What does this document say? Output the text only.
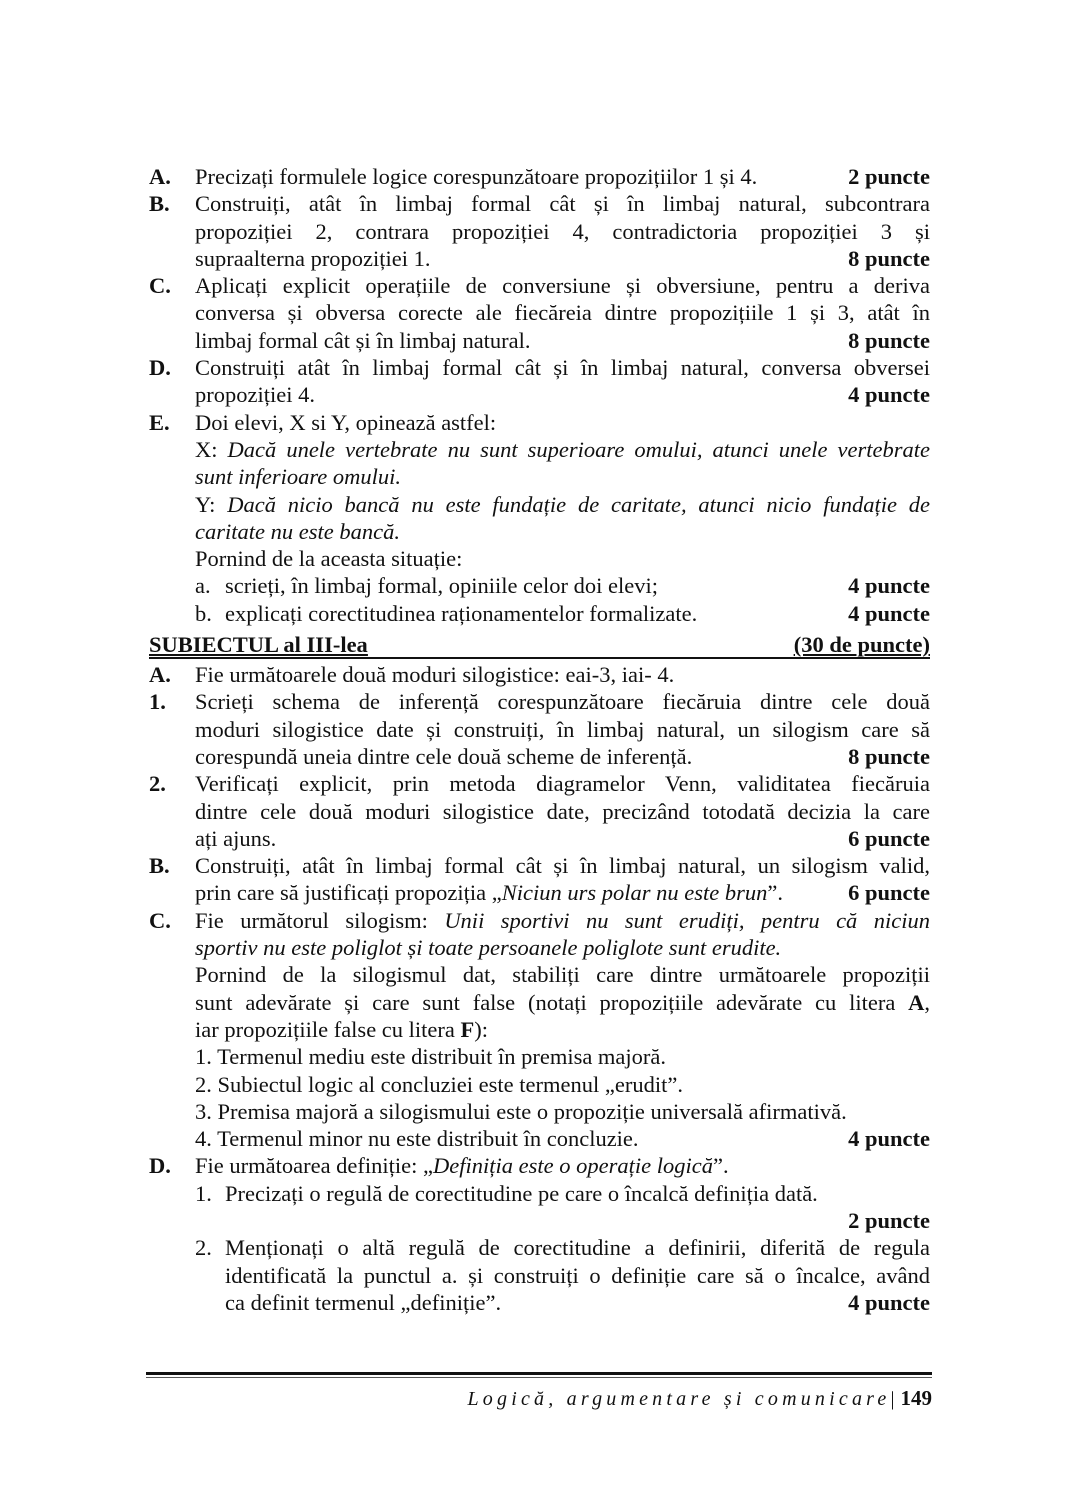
A. Precizați formulele logice corespunzătoare propozițiilor 1 și 4.	2 puncte
B. Construiți, atât în limbaj formal cât și în limbaj natural, subcontrara
propoziției 2, contrara propoziției 4, contradictoria propoziției 3 și
supraalterna propoziției 1.	8 puncte
C. Aplicați explicit operațiile de conversiune și obversiune, pentru a deriva
conversa și obversa corecte ale fiecăreia dintre propozițiile 1 și 3, atât în
limbaj formal cât și în limbaj natural.	8 puncte
D. Construiți atât în limbaj formal cât și în limbaj natural, conversa obversei
propoziției 4.	4 puncte
E. Doi elevi, X si Y, opinează astfel:
X: Dacă unele vertebrate nu sunt superioare omului, atunci unele vertebrate
sunt inferioare omului.
Y: Dacă nicio bancă nu este fundație de caritate, atunci nicio fundație de
caritate nu este bancă.
Pornind de la aceasta situație:
a. scrieți, în limbaj formal, opiniile celor doi elevi;	4 puncte
b. explicați corectitudinea raționamentelor formalizate.	4 puncte
SUBIECTUL al III-lea	(30 de puncte)
A. Fie următoarele două moduri silogistice: eai-3, iai- 4.
1. Scrieți schema de inferență corespunzătoare fiecăruia dintre cele două
moduri silogistice date și construiți, în limbaj natural, un silogism care să
corespundă uneia dintre cele două scheme de inferență.	8 puncte
2. Verificați explicit, prin metoda diagramelor Venn, validitatea fiecăruia
dintre cele două moduri silogistice date, precizând totodată decizia la care
ați ajuns.	6 puncte
B. Construiți, atât în limbaj formal cât și în limbaj natural, un silogism valid,
prin care să justificați propoziția „Niciun urs polar nu este brun”.	6 puncte
C. Fie următorul silogism: Unii sportivi nu sunt erudiți, pentru că niciun
sportiv nu este poliglot și toate persoanele poliglote sunt erudite.
Pornind de la silogismul dat, stabiliți care dintre următoarele propoziții
sunt adevărate și care sunt false (notați propozițiile adevărate cu litera A,
iar propozițiile false cu litera F):
1. Termenul mediu este distribuit în premisa majoră.
2. Subiectul logic al concluziei este termenul „erudit”.
3. Premisa majoră a silogismului este o propoziție universală afirmativă.
4. Termenul minor nu este distribuit în concluzie.	4 puncte
D. Fie următoarea definiție: „Definiția este o operație logică”.
1. Precizați o regulă de corectitudine pe care o încalcă definiția dată.
2 puncte
2. Menționați o altă regulă de corectitudine a definirii, diferită de regula
identificată la punctul a. și construiți o definiție care să o încalce, având
ca definit termenul „definiție”.	4 puncte
Logică, argumentare și comunicare| 149
